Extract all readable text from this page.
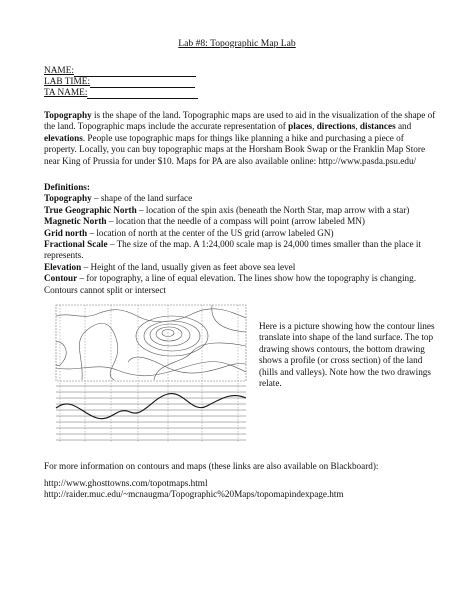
Lab #8: Topographic Map Lab
NAME:
LAB TIME:
TA NAME:
Topography is the shape of the land. Topographic maps are used to aid in the visualization of the shape of the land. Topographic maps include the accurate representation of places, directions, distances and elevations. People use topographic maps for things like planning a hike and purchasing a piece of property. Locally, you can buy topographic maps at the Horsham Book Swap or the Franklin Map Store near King of Prussia for under $10. Maps for PA are also available online: http://www.pasda.psu.edu/
Definitions:
Topography – shape of the land surface
True Geographic North – location of the spin axis (beneath the North Star, map arrow with a star)
Magnetic North – location that the needle of a compass will point (arrow labeled MN)
Grid north – location of north at the center of the US grid (arrow labeled GN)
Fractional Scale – The size of the map. A 1:24,000 scale map is 24,000 times smaller than the place it represents.
Elevation – Height of the land, usually given as feet above sea level
Contour – for topography, a line of equal elevation. The lines show how the topography is changing. Contours cannot split or intersect
Here is a picture showing how the contour lines translate into shape of the land surface. The top drawing shows contours, the bottom drawing shows a profile (or cross section) of the land (hills and valleys). Note how the two drawings relate.
For more information on contours and maps (these links are also available on Blackboard):
http://www.ghosttowns.com/topotmaps.html
http://raider.muc.edu/~mcnaugma/Topographic%20Maps/topomapindexpage.htm
